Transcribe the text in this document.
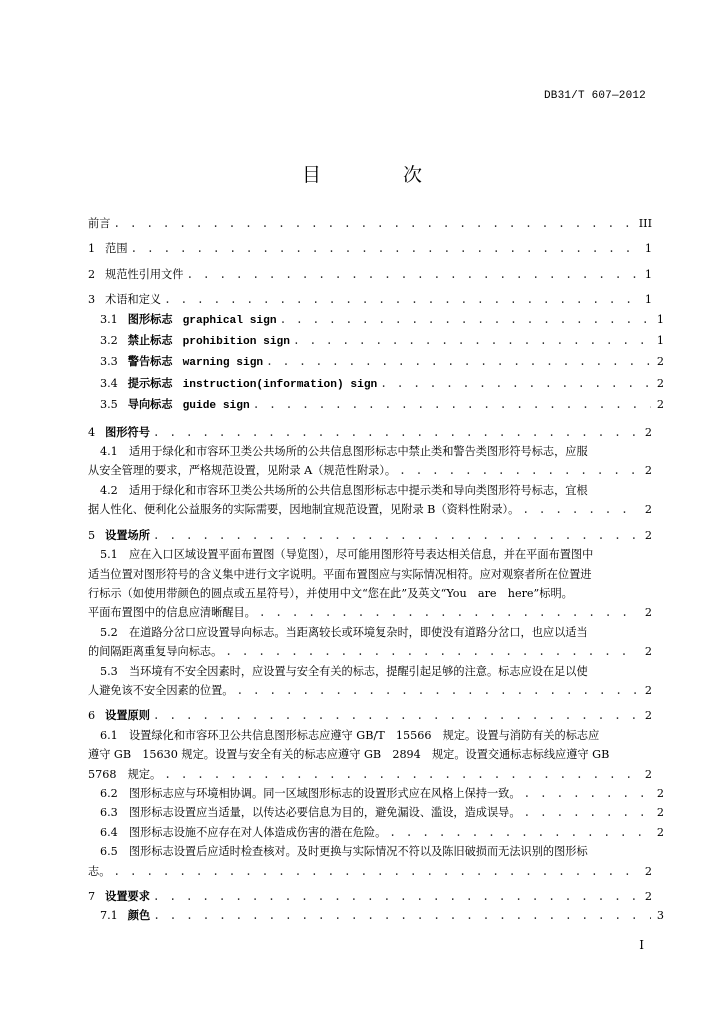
DB31/T 607—2012
目 次
前言 . . .	III
1 范围 . . .	1
2 规范性引用文件 . . .	1
3 术语和定义 . . .	1
3.1 图形标志 graphical sign . . .	1
3.2 禁止标志 prohibition sign . . .	1
3.3 警告标志 warning sign . . .	2
3.4 提示标志 instruction(information) sign . . .	2
3.5 导向标志 guide sign . . .	2
4 图形符号 . . .	2
4.1　适用于绿化和市容环卫类公共场所的公共信息图形标志中禁止类和警告类图形符号标志，应服
从安全管理的要求，严格规范设置，见附录 A（规范性附录）。 . . .	2
4.2　适用于绿化和市容环卫类公共场所的公共信息图形标志中提示类和导向类图形符号标志，宜根
据人性化、便利化公益服务的实际需要，因地制宜规范设置，见附录 B（资料性附录）。 . . .	2
5 设置场所 . . .	2
5.1　应在入口区域设置平面布置图（导览图），尽可能用图形符号表达相关信息，并在平面布置图中
适当位置对图形符号的含义集中进行文字说明。平面布置图应与实际情况相符。应对观察者所在位置进
行标示（如使用带颜色的圆点或五星符号），并使用中文“您在此”及英文“You　are　here”标明。
平面布置图中的信息应清晰醒目。 . . .	2
5.2　在道路分岔口应设置导向标志。当距离较长或环境复杂时，即使没有道路分岔口，也应以适当
的间隔距离重复导向标志。 . . .	2
5.3　当环境有不安全因素时，应设置与安全有关的标志，提醒引起足够的注意。标志应设在足以使
人避免该不安全因素的位置。 . . .	2
6 设置原则 . . .	2
6.1　设置绿化和市容环卫公共信息图形标志应遵守 GB/T　15566　规定。设置与消防有关的标志应
遵守 GB　15630 规定。设置与安全有关的标志应遵守 GB　2894　规定。设置交通标志标线应遵守 GB
5768　规定。 . . .	2
6.2　图形标志应与环境相协调。同一区域图形标志的设置形式应在风格上保持一致。 . . .	2
6.3　图形标志设置应当适量，以传达必要信息为目的，避免漏设、滥设，造成误导。 . . .	2
6.4　图形标志设施不应存在对人体造成伤害的潜在危险。 . . .	2
6.5　图形标志设置后应适时检查核对。及时更换与实际情况不符以及陈旧破损而无法识别的图形标
志。 . . .	2
7 设置要求 . . .	2
7.1 颜色 . . .	3
I
